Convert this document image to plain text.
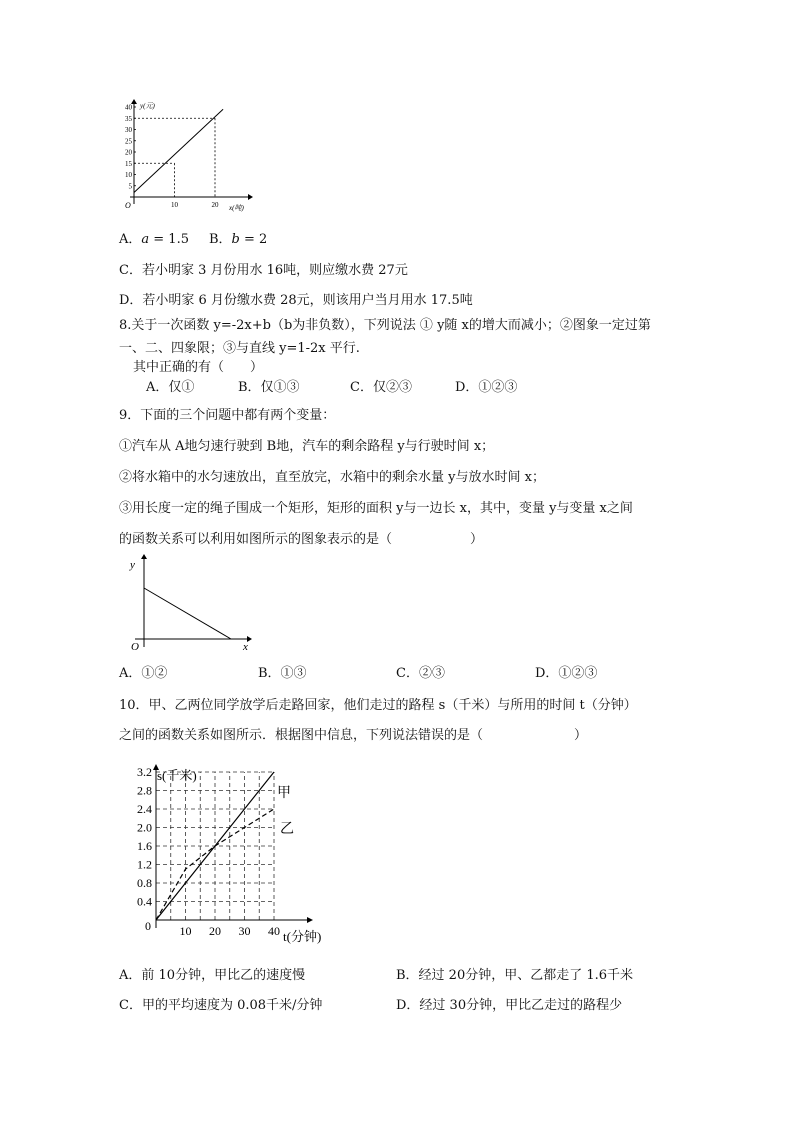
y(元)
x(吨)
O
5
10
15
20
25
30
35
40
10	20
A．𝑎 = 1.5 B．𝑏 = 2
C．若小明家 3 月份用水 16吨，则应缴水费 27元
D．若小明家 6 月份缴水费 28元，则该用户当月用水 17.5吨
8.关于一次函数 y=-2x+b（b为非负数），下列说法 ① y随 x的增大而减小；②图象一定过第
一、二、四象限；③与直线 y=1-2x 平行.
其中正确的有（　　）
A．仅①	B．仅①③	C．仅②③	D．①②③
9．下面的三个问题中都有两个变量：
①汽车从 A地匀速行驶到 B地，汽车的剩余路程 y与行驶时间 x；
②将水箱中的水匀速放出，直至放完，水箱中的剩余水量 y与放水时间 x；
③用长度一定的绳子围成一个矩形，矩形的面积 y与一边长 x，其中，变量 y与变量 x之间
的函数关系可以利用如图所示的图象表示的是（　　　　　　）
y
x
O
A．①②	B．①③	C．②③	D．①②③
10．甲、乙两位同学放学后走路回家，他们走过的路程 s（千米）与所用的时间 t（分钟）
之间的函数关系如图所示．根据图中信息，下列说法错误的是（　　　　　　　）
0.4
0.8
1.2
1.6
2.0
2.4
2.8
3.2
10 20 30 40
0
s(千米)
t(分钟)
甲
乙
A．前 10分钟，甲比乙的速度慢	B．经过 20分钟，甲、乙都走了 1.6千米
C．甲的平均速度为 0.08千米/分钟	D．经过 30分钟，甲比乙走过的路程少
